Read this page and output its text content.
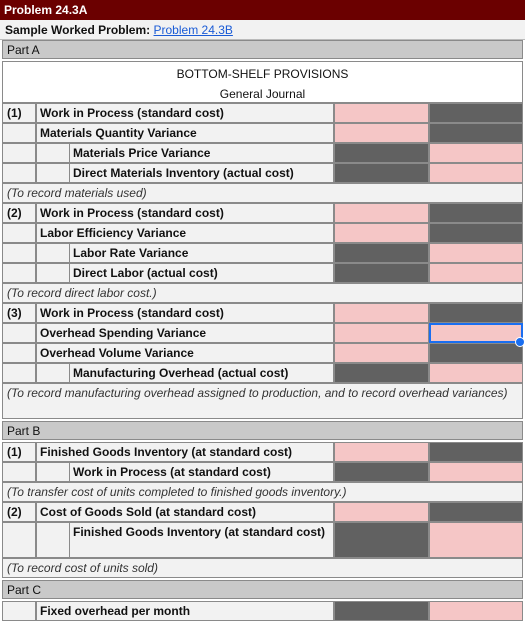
Problem 24.3A
Sample Worked Problem: Problem 24.3B
Part A
BOTTOM-SHELF PROVISIONS
General Journal
(1)	Work in Process (standard cost)
Materials Quantity Variance
Materials Price Variance
Direct Materials Inventory (actual cost)
(To record materials used)
(2)	Work in Process (standard cost)
Labor Efficiency Variance
Labor Rate Variance
Direct Labor (actual cost)
(To record direct labor cost.)
(3)	Work in Process (standard cost)
Overhead Spending Variance
Overhead Volume Variance
Manufacturing Overhead (actual cost)
(To record manufacturing overhead assigned to production, and to record overhead variances)
Part B
(1)	Finished Goods Inventory (at standard cost)
Work in Process (at standard cost)
(To transfer cost of units completed to finished goods inventory.)
(2)	Cost of Goods Sold (at standard cost)
Finished Goods Inventory (at standard cost)
(To record cost of units sold)
Part C
Fixed overhead per month
